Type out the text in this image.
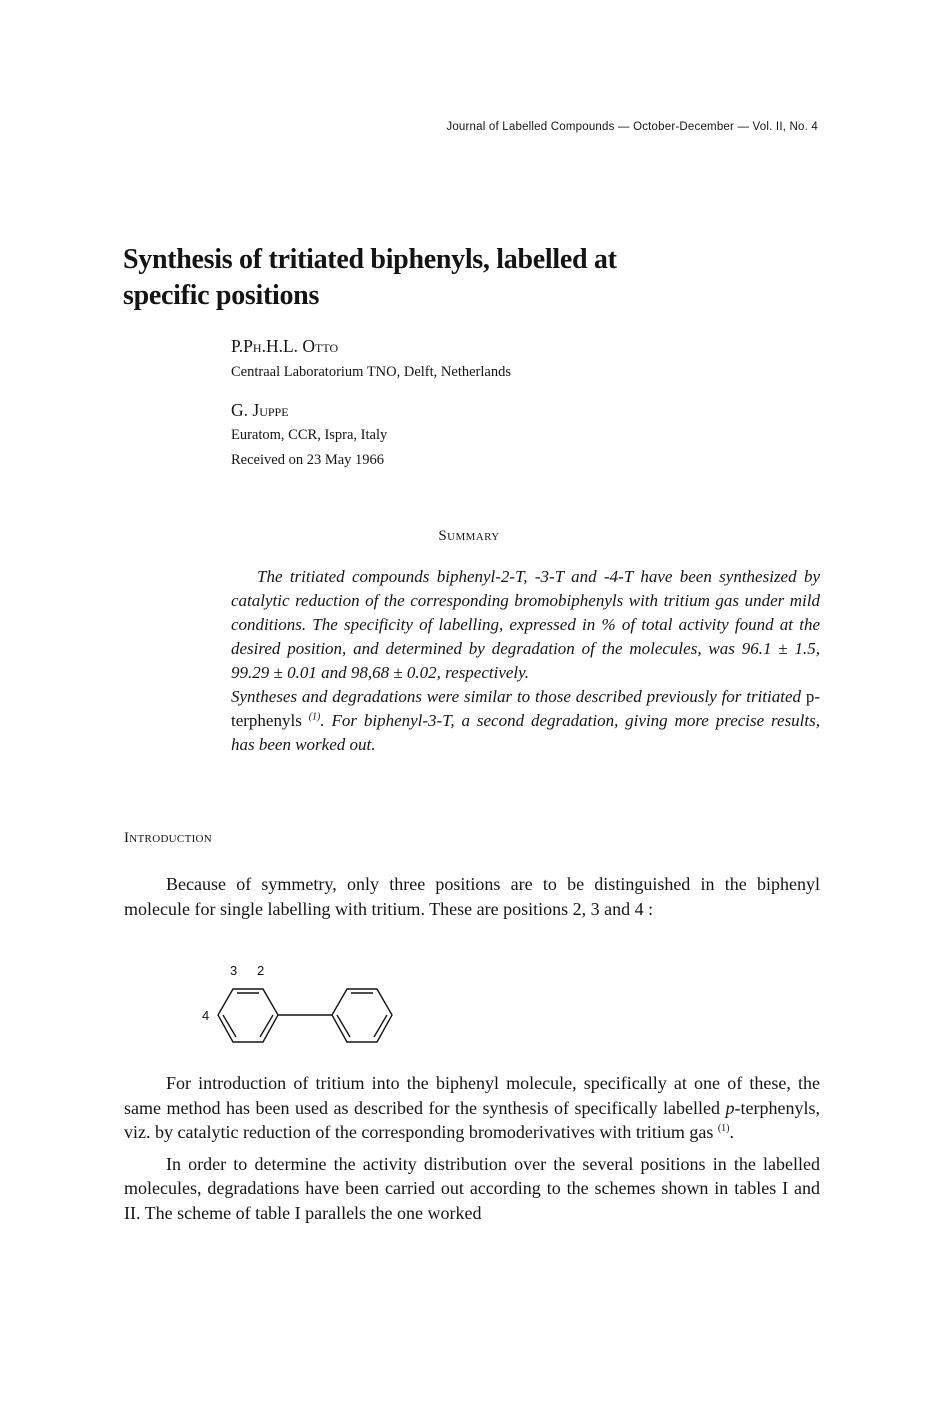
Journal of Labelled Compounds — October-December — Vol. II, No. 4
Synthesis of tritiated biphenyls, labelled at
specific positions
P.Ph.H.L. Otto
Centraal Laboratorium TNO, Delft, Netherlands
G. Juppe
Euratom, CCR, Ispra, Italy
Received on 23 May 1966
Summary

The tritiated compounds biphenyl-2-T, -3-T and -4-T have been synthesized by catalytic reduction of the corresponding bromobiphenyls with tritium gas under mild conditions. The specificity of labelling, expressed in % of total activity found at the desired position, and determined by degradation of the molecules, was 96.1 ± 1.5, 99.29 ± 0.01 and 98,68 ± 0.02, respectively.

Syntheses and degradations were similar to those described previously for tritiated p-terphenyls $^{(1)}$. For biphenyl-3-T, a second degradation, giving more precise results, has been worked out.

Introduction

Because of symmetry, only three positions are to be distinguished in the biphenyl molecule for single labelling with tritium. These are positions 2, 3 and 4 :

3 2
4

For introduction of tritium into the biphenyl molecule, specifically at one of these, the same method has been used as described for the synthesis of specifically labelled p-terphenyls, viz. by catalytic reduction of the corresponding bromoderivatives with tritium gas $^{(1)}$.

In order to determine the activity distribution over the several positions in the labelled molecules, degradations have been carried out according to the schemes shown in tables I and II. The scheme of table I parallels the one worked
